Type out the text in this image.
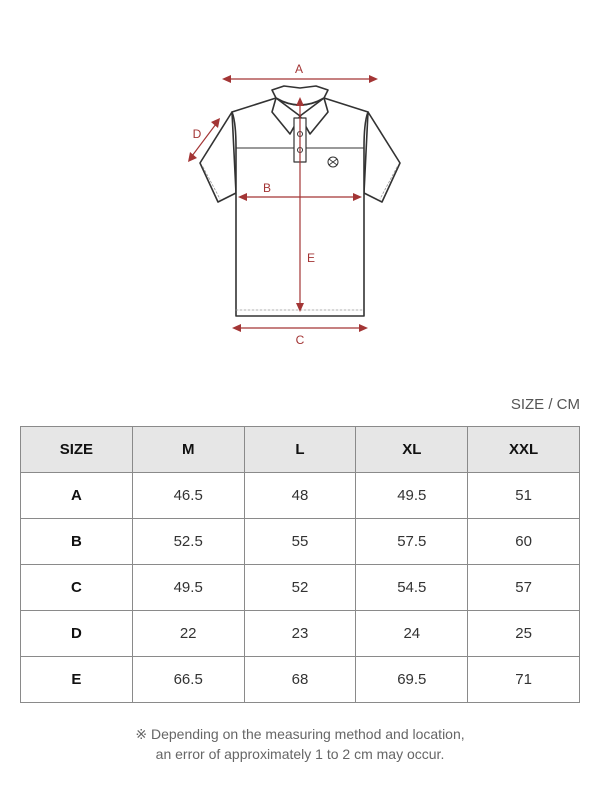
A
B
C
D
E
SIZE / CM
SIZE	M	L	XL	XXL
A	46.5	48	49.5	51
B	52.5	55	57.5	60
C	49.5	52	54.5	57
D	22	23	24	25
E	66.5	68	69.5	71
※ Depending on the measuring method and location,
an error of approximately 1 to 2 cm may occur.
